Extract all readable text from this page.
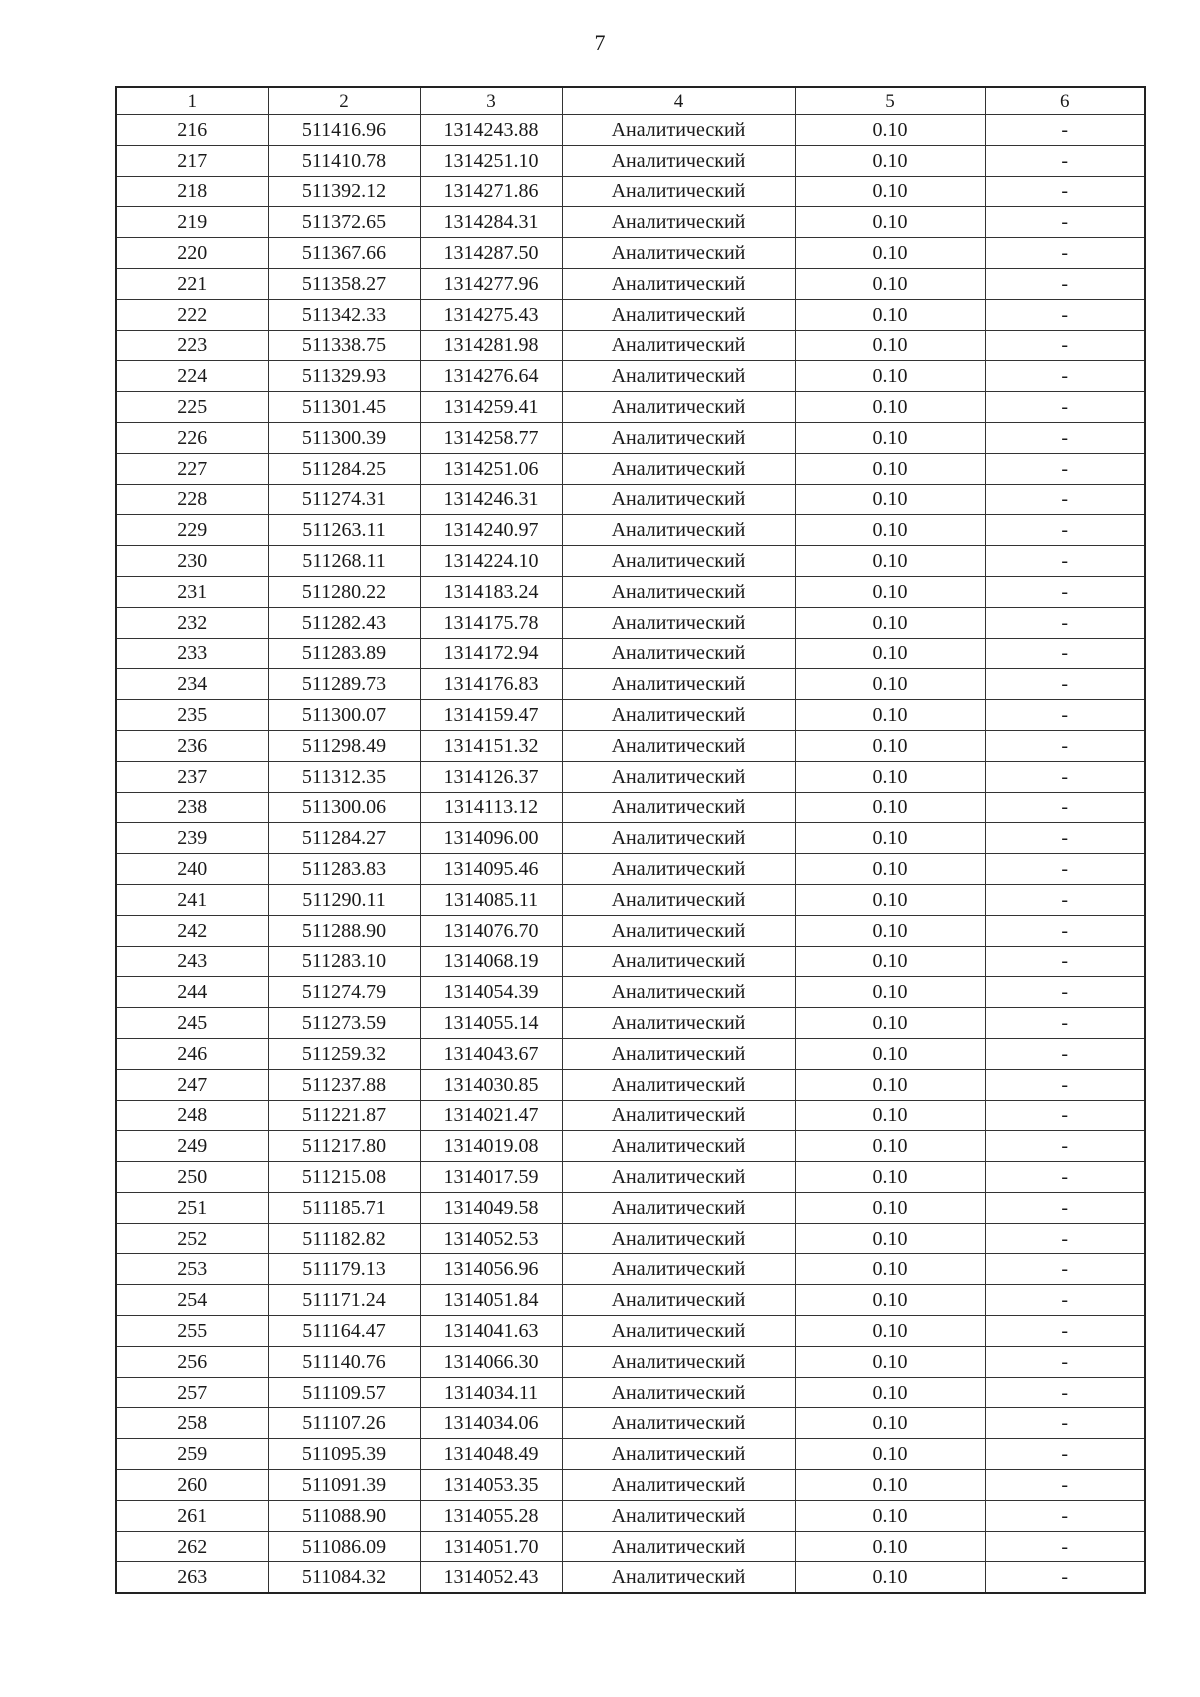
7
1	2	3	4	5	6
216	511416.96	1314243.88	Аналитический	0.10	-
217	511410.78	1314251.10	Аналитический	0.10	-
218	511392.12	1314271.86	Аналитический	0.10	-
219	511372.65	1314284.31	Аналитический	0.10	-
220	511367.66	1314287.50	Аналитический	0.10	-
221	511358.27	1314277.96	Аналитический	0.10	-
222	511342.33	1314275.43	Аналитический	0.10	-
223	511338.75	1314281.98	Аналитический	0.10	-
224	511329.93	1314276.64	Аналитический	0.10	-
225	511301.45	1314259.41	Аналитический	0.10	-
226	511300.39	1314258.77	Аналитический	0.10	-
227	511284.25	1314251.06	Аналитический	0.10	-
228	511274.31	1314246.31	Аналитический	0.10	-
229	511263.11	1314240.97	Аналитический	0.10	-
230	511268.11	1314224.10	Аналитический	0.10	-
231	511280.22	1314183.24	Аналитический	0.10	-
232	511282.43	1314175.78	Аналитический	0.10	-
233	511283.89	1314172.94	Аналитический	0.10	-
234	511289.73	1314176.83	Аналитический	0.10	-
235	511300.07	1314159.47	Аналитический	0.10	-
236	511298.49	1314151.32	Аналитический	0.10	-
237	511312.35	1314126.37	Аналитический	0.10	-
238	511300.06	1314113.12	Аналитический	0.10	-
239	511284.27	1314096.00	Аналитический	0.10	-
240	511283.83	1314095.46	Аналитический	0.10	-
241	511290.11	1314085.11	Аналитический	0.10	-
242	511288.90	1314076.70	Аналитический	0.10	-
243	511283.10	1314068.19	Аналитический	0.10	-
244	511274.79	1314054.39	Аналитический	0.10	-
245	511273.59	1314055.14	Аналитический	0.10	-
246	511259.32	1314043.67	Аналитический	0.10	-
247	511237.88	1314030.85	Аналитический	0.10	-
248	511221.87	1314021.47	Аналитический	0.10	-
249	511217.80	1314019.08	Аналитический	0.10	-
250	511215.08	1314017.59	Аналитический	0.10	-
251	511185.71	1314049.58	Аналитический	0.10	-
252	511182.82	1314052.53	Аналитический	0.10	-
253	511179.13	1314056.96	Аналитический	0.10	-
254	511171.24	1314051.84	Аналитический	0.10	-
255	511164.47	1314041.63	Аналитический	0.10	-
256	511140.76	1314066.30	Аналитический	0.10	-
257	511109.57	1314034.11	Аналитический	0.10	-
258	511107.26	1314034.06	Аналитический	0.10	-
259	511095.39	1314048.49	Аналитический	0.10	-
260	511091.39	1314053.35	Аналитический	0.10	-
261	511088.90	1314055.28	Аналитический	0.10	-
262	511086.09	1314051.70	Аналитический	0.10	-
263	511084.32	1314052.43	Аналитический	0.10	-
